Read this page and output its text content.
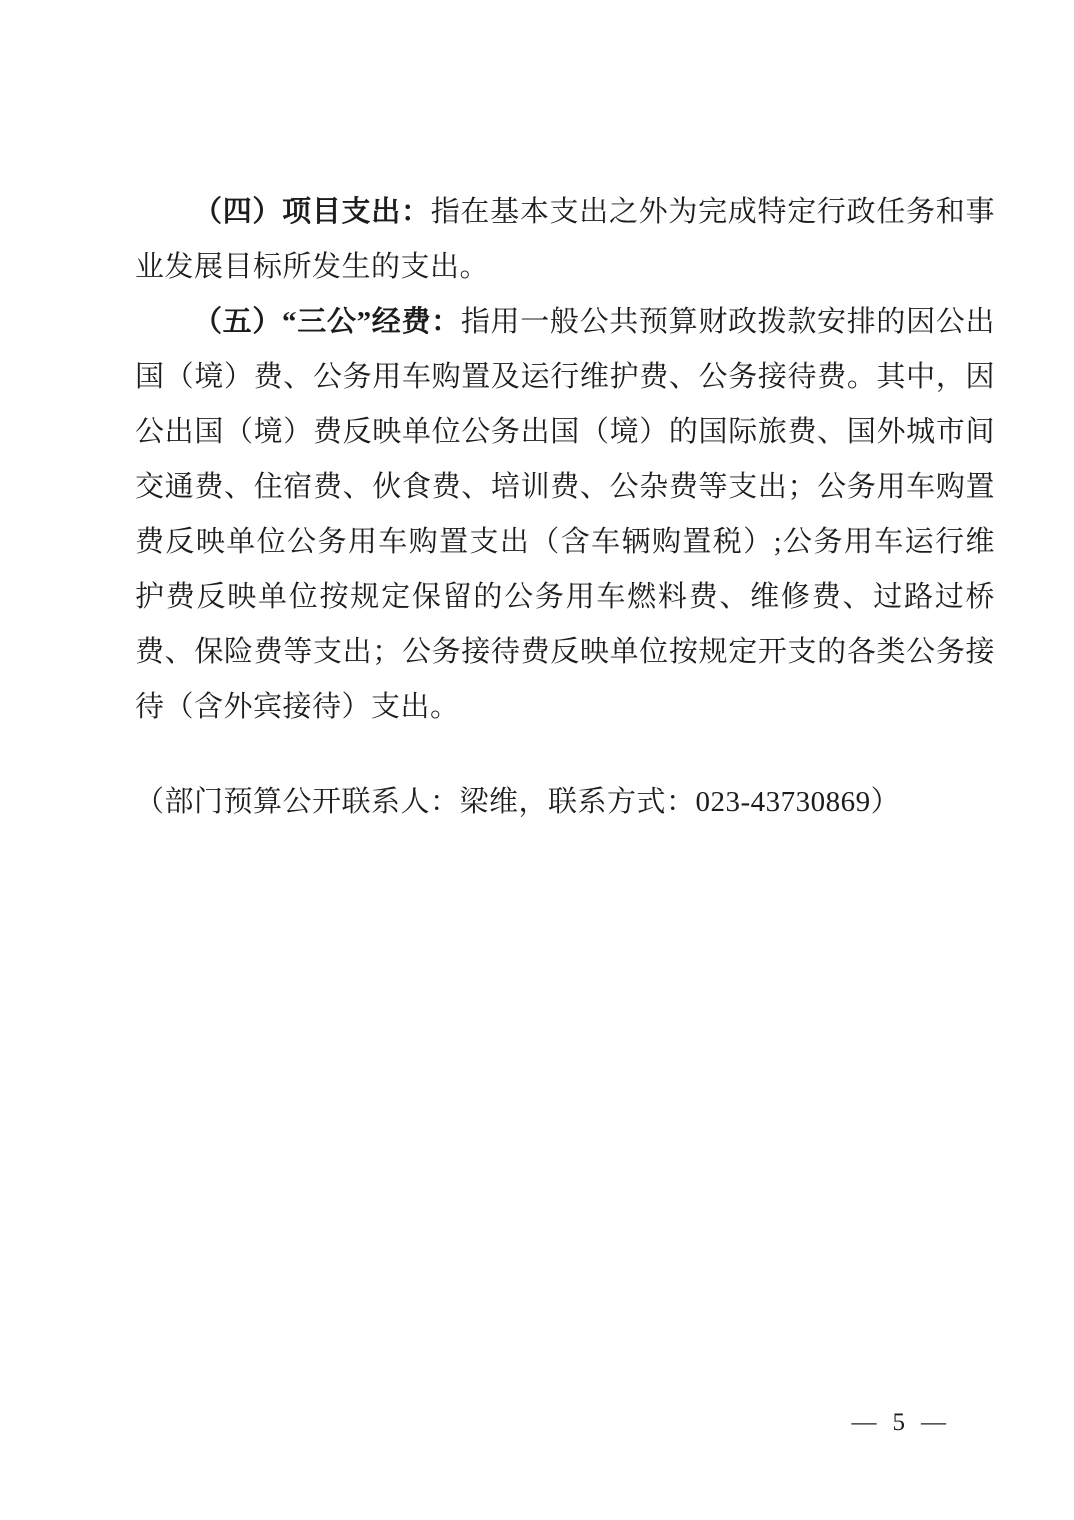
（四）项目支出：指在基本支出之外为完成特定行政任务和事业发展目标所发生的支出。

（五）“三公”经费：指用一般公共预算财政拨款安排的因公出国（境）费、公务用车购置及运行维护费、公务接待费。其中，因公出国（境）费反映单位公务出国（境）的国际旅费、国外城市间交通费、住宿费、伙食费、培训费、公杂费等支出；公务用车购置费反映单位公务用车购置支出（含车辆购置税）;公务用车运行维护费反映单位按规定保留的公务用车燃料费、维修费、过路过桥费、保险费等支出；公务接待费反映单位按规定开支的各类公务接待（含外宾接待）支出。

（部门预算公开联系人：梁维，联系方式：023-43730869）

— 5 —
